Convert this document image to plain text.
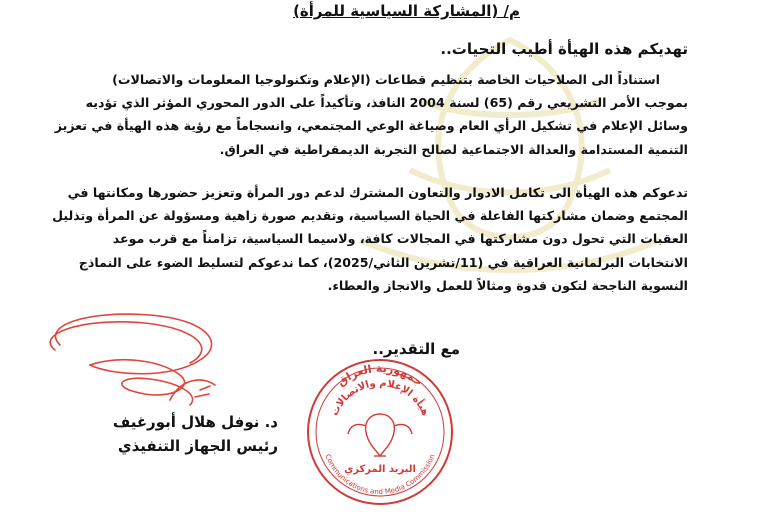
م/ (المشاركة السياسية للمرأة)

تهديكم هذه الهيأة أطيب التحيات..

استناداً الى الصلاحيات الخاصة بتنظيم قطاعات (الإعلام وتكنولوجيا المعلومات والاتصالات)
بموجب الأمر التشريعي رقم (65) لسنة 2004 النافذ، وتأكيداً على الدور المحوري المؤثر الذي تؤديه
وسائل الإعلام في تشكيل الرأي العام وصياغة الوعي المجتمعي، وانسجاماً مع رؤية هذه الهيأة في تعزيز
التنمية المستدامة والعدالة الاجتماعية لصالح التجربة الديمقراطية في العراق.
تدعوكم هذه الهيأة الى تكامل الادوار والتعاون المشترك لدعم دور المرأة وتعزيز حضورها ومكانتها في
المجتمع وضمان مشاركتها الفاعلة في الحياة السياسية، وتقديم صورة زاهية ومسؤولة عن المرأة وتذليل
العقبات التي تحول دون مشاركتها في المجالات كافة، ولاسيما السياسية، تزامناً مع قرب موعد
الانتخابات البرلمانية العراقية في (11/تشرين الثاني/2025)، كما ندعوكم لتسليط الضوء على النماذج
النسوية الناجحة لتكون قدوة ومثالاً للعمل والانجاز والعطاء.

مع التقدير..

جمهورية العراق
هيأة الإعلام والاتصالات
Communications and Media Commission
البريد المركزي
د. نوفل هلال أبورغيف
رئيس الجهاز التنفيذي
